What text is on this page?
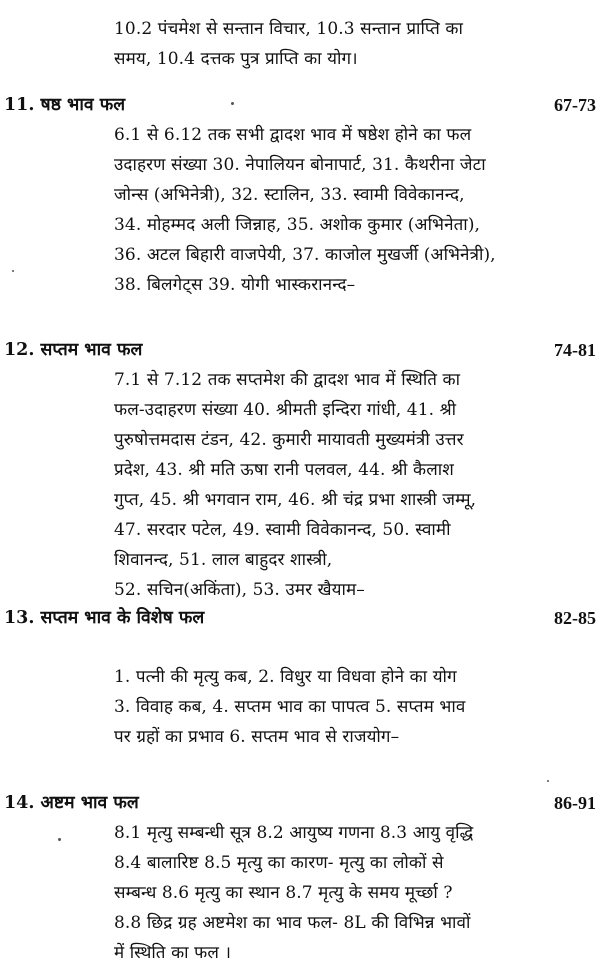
10.2 पंचमेश से सन्तान विचार, 10.3 सन्तान प्राप्ति का
समय, 10.4 दत्तक पुत्र प्राप्ति का योग।
11. षष्ठ भाव फल	67-73
6.1 से 6.12 तक सभी द्वादश भाव में षष्ठेश होने का फल
उदाहरण संख्या 30. नेपालियन बोनापार्ट, 31. कैथरीना जेटा
जोन्स (अभिनेत्री), 32. स्टालिन, 33. स्वामी विवेकानन्द,
34. मोहम्मद अली जिन्नाह, 35. अशोक कुमार (अभिनेता),
36. अटल बिहारी वाजपेयी, 37. काजोल मुखर्जी (अभिनेत्री),
38. बिलगेट्स 39. योगी भास्करानन्द–
12. सप्तम भाव फल	74-81
7.1 से 7.12 तक सप्तमेश की द्वादश भाव में स्थिति का
फल-उदाहरण संख्या 40. श्रीमती इन्दिरा गांधी, 41. श्री
पुरुषोत्तमदास टंडन, 42. कुमारी मायावती मुख्यमंत्री उत्तर
प्रदेश, 43. श्री मति ऊषा रानी पलवल, 44. श्री कैलाश
गुप्त, 45. श्री भगवान राम, 46. श्री चंद्र प्रभा शास्त्री जम्मू,
47. सरदार पटेल, 49. स्वामी विवेकानन्द, 50. स्वामी
शिवानन्द, 51. लाल बाहुदर शास्त्री,
52. सचिन(अकिंता), 53. उमर खैयाम–
13. सप्तम भाव के विशेष फल	82-85
1. पत्नी की मृत्यु कब, 2. विधुर या विधवा होने का योग
3. विवाह कब, 4. सप्तम भाव का पापत्व 5. सप्तम भाव
पर ग्रहों का प्रभाव 6. सप्तम भाव से राजयोग–
14. अष्टम भाव फल	86-91
8.1 मृत्यु सम्बन्धी सूत्र 8.2 आयुष्य गणना 8.3 आयु वृद्धि
8.4 बालारिष्ट 8.5 मृत्यु का कारण- मृत्यु का लोकों से
सम्बन्ध 8.6 मृत्यु का स्थान 8.7 मृत्यु के समय मूर्च्छा ?
8.8 छिद्र ग्रह अष्टमेश का भाव फल- 8L की विभिन्न भावों
में स्थिति का फल ।
